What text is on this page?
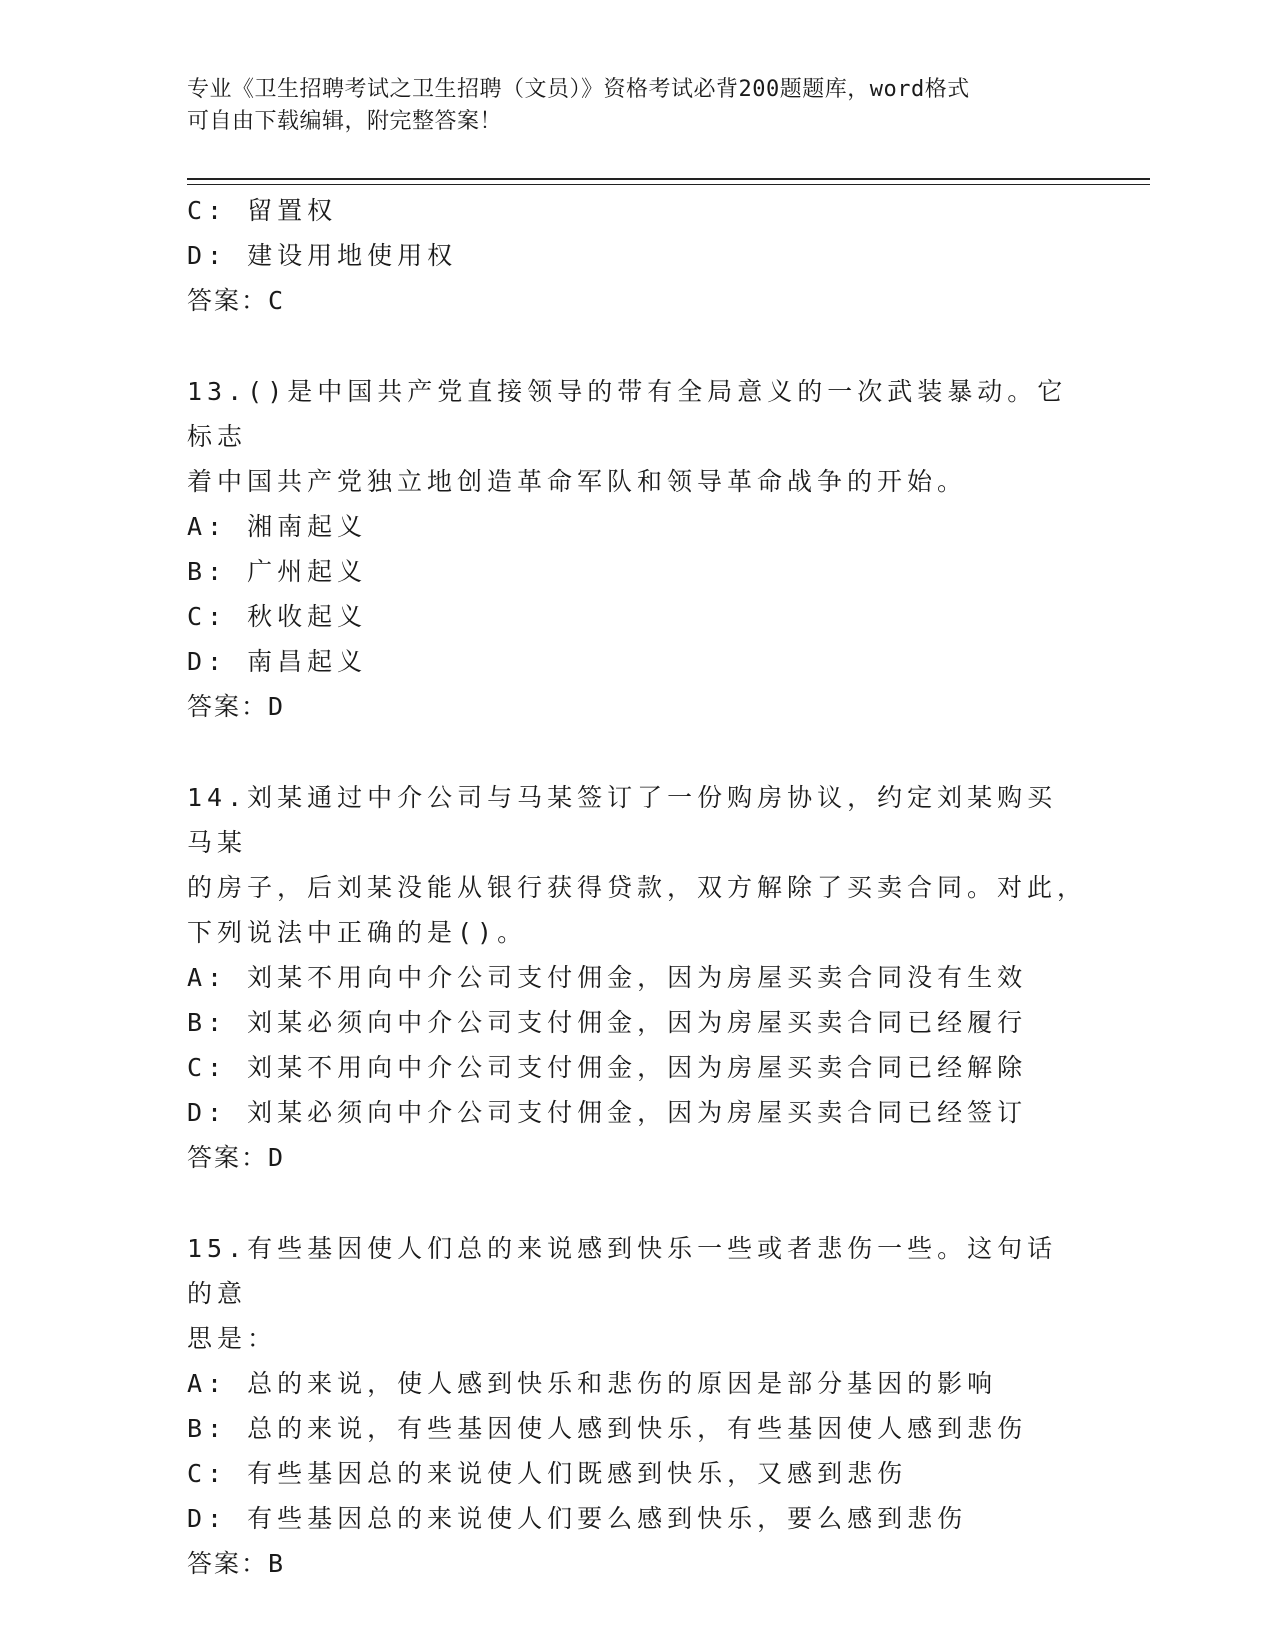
专业《卫生招聘考试之卫生招聘（文员）》资格考试必背200题题库，word格式
可自由下载编辑，附完整答案！
C: 留置权
D: 建设用地使用权
答案：C
13.()是中国共产党直接领导的带有全局意义的一次武装暴动。它标志
着中国共产党独立地创造革命军队和领导革命战争的开始。
A: 湘南起义
B: 广州起义
C: 秋收起义
D: 南昌起义
答案：D
14.刘某通过中介公司与马某签订了一份购房协议，约定刘某购买马某
的房子，后刘某没能从银行获得贷款，双方解除了买卖合同。对此，
下列说法中正确的是()。
A: 刘某不用向中介公司支付佣金，因为房屋买卖合同没有生效
B: 刘某必须向中介公司支付佣金，因为房屋买卖合同已经履行
C: 刘某不用向中介公司支付佣金，因为房屋买卖合同已经解除
D: 刘某必须向中介公司支付佣金，因为房屋买卖合同已经签订
答案：D
15.有些基因使人们总的来说感到快乐一些或者悲伤一些。这句话的意
思是：
A: 总的来说，使人感到快乐和悲伤的原因是部分基因的影响
B: 总的来说，有些基因使人感到快乐，有些基因使人感到悲伤
C: 有些基因总的来说使人们既感到快乐，又感到悲伤
D: 有些基因总的来说使人们要么感到快乐，要么感到悲伤
答案：B
